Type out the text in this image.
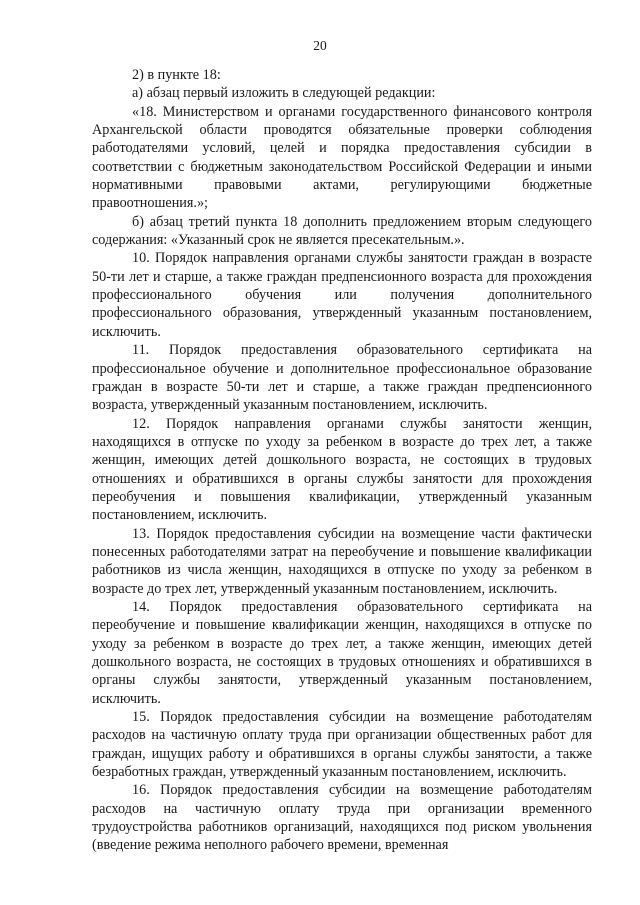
20

2) в пункте 18:

а) абзац первый изложить в следующей редакции:

«18. Министерством и органами государственного финансового контроля Архангельской области проводятся обязательные проверки соблюдения работодателями условий, целей и порядка предоставления субсидии в соответствии с бюджетным законодательством Российской Федерации и иными нормативными правовыми актами, регулирующими бюджетные правоотношения.»;

б) абзац третий пункта 18 дополнить предложением вторым следующего содержания: «Указанный срок не является пресекательным.».

10. Порядок направления органами службы занятости граждан в возрасте 50-ти лет и старше, а также граждан предпенсионного возраста для прохождения профессионального обучения или получения дополнительного профессионального образования, утвержденный указанным постановлением, исключить.

11. Порядок предоставления образовательного сертификата на профессиональное обучение и дополнительное профессиональное образование граждан в возрасте 50-ти лет и старше, а также граждан предпенсионного возраста, утвержденный указанным постановлением, исключить.

12. Порядок направления органами службы занятости женщин, находящихся в отпуске по уходу за ребенком в возрасте до трех лет, а также женщин, имеющих детей дошкольного возраста, не состоящих в трудовых отношениях и обратившихся в органы службы занятости для прохождения переобучения и повышения квалификации, утвержденный указанным постановлением, исключить.

13. Порядок предоставления субсидии на возмещение части фактически понесенных работодателями затрат на переобучение и повышение квалификации работников из числа женщин, находящихся в отпуске по уходу за ребенком в возрасте до трех лет, утвержденный указанным постановлением, исключить.

14. Порядок предоставления образовательного сертификата на переобучение и повышение квалификации женщин, находящихся в отпуске по уходу за ребенком в возрасте до трех лет, а также женщин, имеющих детей дошкольного возраста, не состоящих в трудовых отношениях и обратившихся в органы службы занятости, утвержденный указанным постановлением, исключить.

15. Порядок предоставления субсидии на возмещение работодателям расходов на частичную оплату труда при организации общественных работ для граждан, ищущих работу и обратившихся в органы службы занятости, а также безработных граждан, утвержденный указанным постановлением, исключить.

16. Порядок предоставления субсидии на возмещение работодателям расходов на частичную оплату труда при организации временного трудоустройства работников организаций, находящихся под риском увольнения (введение режима неполного рабочего времени, временная
